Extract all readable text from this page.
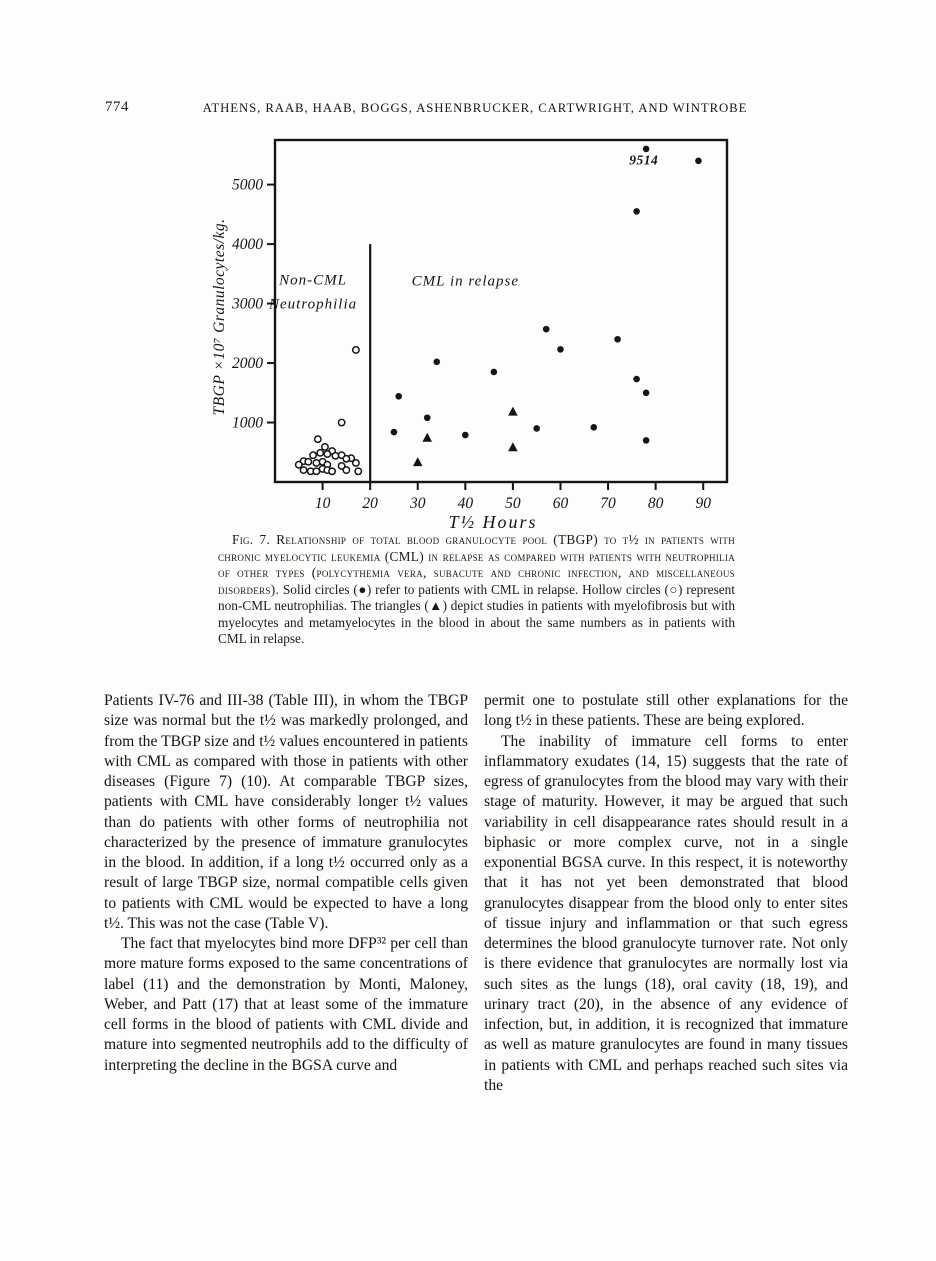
774	ATHENS, RAAB, HAAB, BOGGS, ASHENBRUCKER, CARTWRIGHT, AND WINTROBE
10 20 30 40 50 60 70 80 90
T½ Hours
1000
2000
3000
4000
5000
TBGP ×10⁷ Granulocytes/kg.	Non-CML
Neutrophilia
CML in relapse
9514
Fig. 7. Relationship of total blood granulocyte pool (TBGP) to t½ in patients with chronic myelocytic leukemia (CML) in relapse as compared with patients with neutrophilia of other types (polycythemia vera, subacute and chronic infection, and miscellaneous disorders). Solid circles (●) refer to patients with CML in relapse. Hollow circles (○) represent non-CML neutrophilias. The triangles (▲) depict studies in patients with myelofibrosis but with myelocytes and metamyelocytes in the blood in about the same numbers as in patients with CML in relapse.

Patients IV-76 and III-38 (Table III), in whom the TBGP size was normal but the t½ was markedly prolonged, and from the TBGP size and t½ values encountered in patients with CML as compared with those in patients with other diseases (Figure 7) (10). At comparable TBGP sizes, patients with CML have considerably longer t½ values than do patients with other forms of neutrophilia not characterized by the presence of immature granulocytes in the blood. In addition, if a long t½ occurred only as a result of large TBGP size, normal compatible cells given to patients with CML would be expected to have a long t½. This was not the case (Table V).

The fact that myelocytes bind more DFP³² per cell than more mature forms exposed to the same concentrations of label (11) and the demonstration by Monti, Maloney, Weber, and Patt (17) that at least some of the immature cell forms in the blood of patients with CML divide and mature into segmented neutrophils add to the difficulty of interpreting the decline in the BGSA curve and

permit one to postulate still other explanations for the long t½ in these patients. These are being explored.

The inability of immature cell forms to enter inflammatory exudates (14, 15) suggests that the rate of egress of granulocytes from the blood may vary with their stage of maturity. However, it may be argued that such variability in cell disappearance rates should result in a biphasic or more complex curve, not in a single exponential BGSA curve. In this respect, it is noteworthy that it has not yet been demonstrated that blood granulocytes disappear from the blood only to enter sites of tissue injury and inflammation or that such egress determines the blood granulocyte turnover rate. Not only is there evidence that granulocytes are normally lost via such sites as the lungs (18), oral cavity (18, 19), and urinary tract (20), in the absence of any evidence of infection, but, in addition, it is recognized that immature as well as mature granulocytes are found in many tissues in patients with CML and perhaps reached such sites via the
